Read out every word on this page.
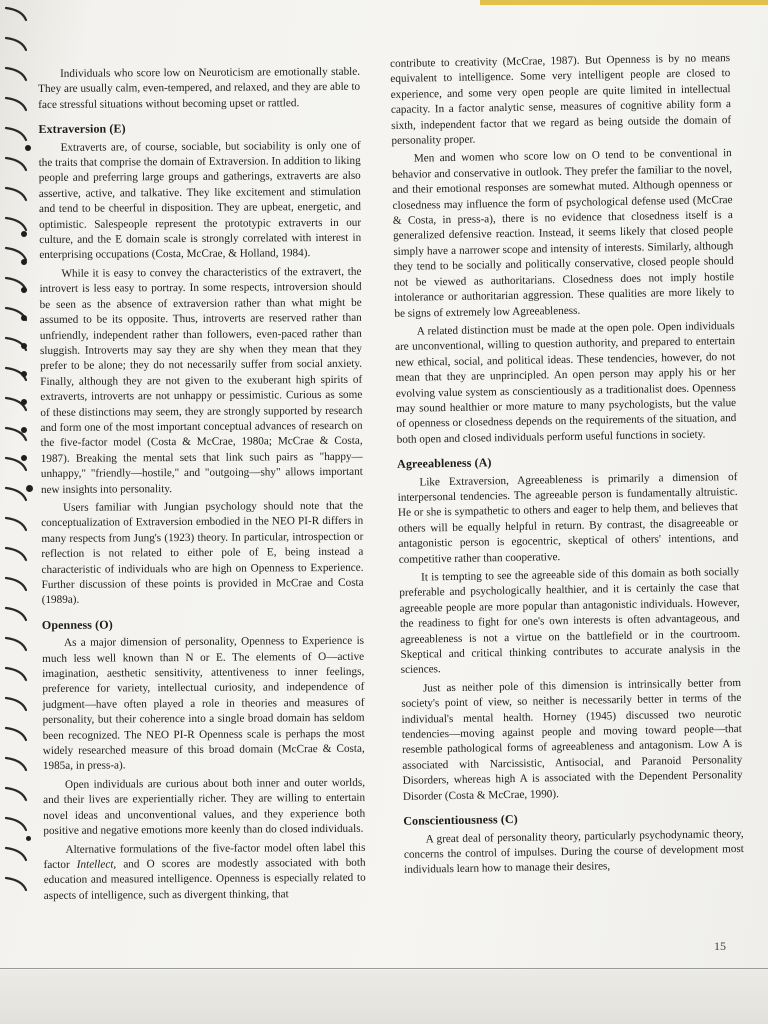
Individuals who score low on Neuroticism are emotionally stable. They are usually calm, even-tempered, and relaxed, and they are able to face stressful situations without becoming upset or rattled.

Extraversion (E)

Extraverts are, of course, sociable, but sociability is only one of the traits that comprise the domain of Extraversion. In addition to liking people and preferring large groups and gatherings, extraverts are also assertive, active, and talkative. They like excitement and stimulation and tend to be cheerful in disposition. They are upbeat, energetic, and optimistic. Salespeople represent the prototypic extraverts in our culture, and the E domain scale is strongly correlated with interest in enterprising occupations (Costa, McCrae, & Holland, 1984).

While it is easy to convey the characteristics of the extravert, the introvert is less easy to portray. In some respects, introversion should be seen as the absence of extraversion rather than what might be assumed to be its opposite. Thus, introverts are reserved rather than unfriendly, independent rather than followers, even-paced rather than sluggish. Introverts may say they are shy when they mean that they prefer to be alone; they do not necessarily suffer from social anxiety. Finally, although they are not given to the exuberant high spirits of extraverts, introverts are not unhappy or pessimistic. Curious as some of these distinctions may seem, they are strongly supported by research and form one of the most important conceptual advances of research on the five-factor model (Costa & McCrae, 1980a; McCrae & Costa, 1987). Breaking the mental sets that link such pairs as "happy—unhappy," "friendly—hostile," and "outgoing—shy" allows important new insights into personality.

Users familiar with Jungian psychology should note that the conceptualization of Extraversion embodied in the NEO PI-R differs in many respects from Jung's (1923) theory. In particular, introspection or reflection is not related to either pole of E, being instead a characteristic of individuals who are high on Openness to Experience. Further discussion of these points is provided in McCrae and Costa (1989a).

Openness (O)

As a major dimension of personality, Openness to Experience is much less well known than N or E. The elements of O—active imagination, aesthetic sensitivity, attentiveness to inner feelings, preference for variety, intellectual curiosity, and independence of judgment—have often played a role in theories and measures of personality, but their coherence into a single broad domain has seldom been recognized. The NEO PI-R Openness scale is perhaps the most widely researched measure of this broad domain (McCrae & Costa, 1985a, in press-a).

Open individuals are curious about both inner and outer worlds, and their lives are experientially richer. They are willing to entertain novel ideas and unconventional values, and they experience both positive and negative emotions more keenly than do closed individuals.

Alternative formulations of the five-factor model often label this factor Intellect, and O scores are modestly associated with both education and measured intelligence. Openness is especially related to aspects of intelligence, such as divergent thinking, that

contribute to creativity (McCrae, 1987). But Openness is by no means equivalent to intelligence. Some very intelligent people are closed to experience, and some very open people are quite limited in intellectual capacity. In a factor analytic sense, measures of cognitive ability form a sixth, independent factor that we regard as being outside the domain of personality proper.

Men and women who score low on O tend to be conventional in behavior and conservative in outlook. They prefer the familiar to the novel, and their emotional responses are somewhat muted. Although openness or closedness may influence the form of psychological defense used (McCrae & Costa, in press-a), there is no evidence that closedness itself is a generalized defensive reaction. Instead, it seems likely that closed people simply have a narrower scope and intensity of interests. Similarly, although they tend to be socially and politically conservative, closed people should not be viewed as authoritarians. Closedness does not imply hostile intolerance or authoritarian aggression. These qualities are more likely to be signs of extremely low Agreeableness.

A related distinction must be made at the open pole. Open individuals are unconventional, willing to question authority, and prepared to entertain new ethical, social, and political ideas. These tendencies, however, do not mean that they are unprincipled. An open person may apply his or her evolving value system as conscientiously as a traditionalist does. Openness may sound healthier or more mature to many psychologists, but the value of openness or closedness depends on the requirements of the situation, and both open and closed individuals perform useful functions in society.

Agreeableness (A)

Like Extraversion, Agreeableness is primarily a dimension of interpersonal tendencies. The agreeable person is fundamentally altruistic. He or she is sympathetic to others and eager to help them, and believes that others will be equally helpful in return. By contrast, the disagreeable or antagonistic person is egocentric, skeptical of others' intentions, and competitive rather than cooperative.

It is tempting to see the agreeable side of this domain as both socially preferable and psychologically healthier, and it is certainly the case that agreeable people are more popular than antagonistic individuals. However, the readiness to fight for one's own interests is often advantageous, and agreeableness is not a virtue on the battlefield or in the courtroom. Skeptical and critical thinking contributes to accurate analysis in the sciences.

Just as neither pole of this dimension is intrinsically better from society's point of view, so neither is necessarily better in terms of the individual's mental health. Horney (1945) discussed two neurotic tendencies—moving against people and moving toward people—that resemble pathological forms of agreeableness and antagonism. Low A is associated with Narcissistic, Antisocial, and Paranoid Personality Disorders, whereas high A is associated with the Dependent Personality Disorder (Costa & McCrae, 1990).

Conscientiousness (C)

A great deal of personality theory, particularly psychodynamic theory, concerns the control of impulses. During the course of development most individuals learn how to manage their desires,

15
